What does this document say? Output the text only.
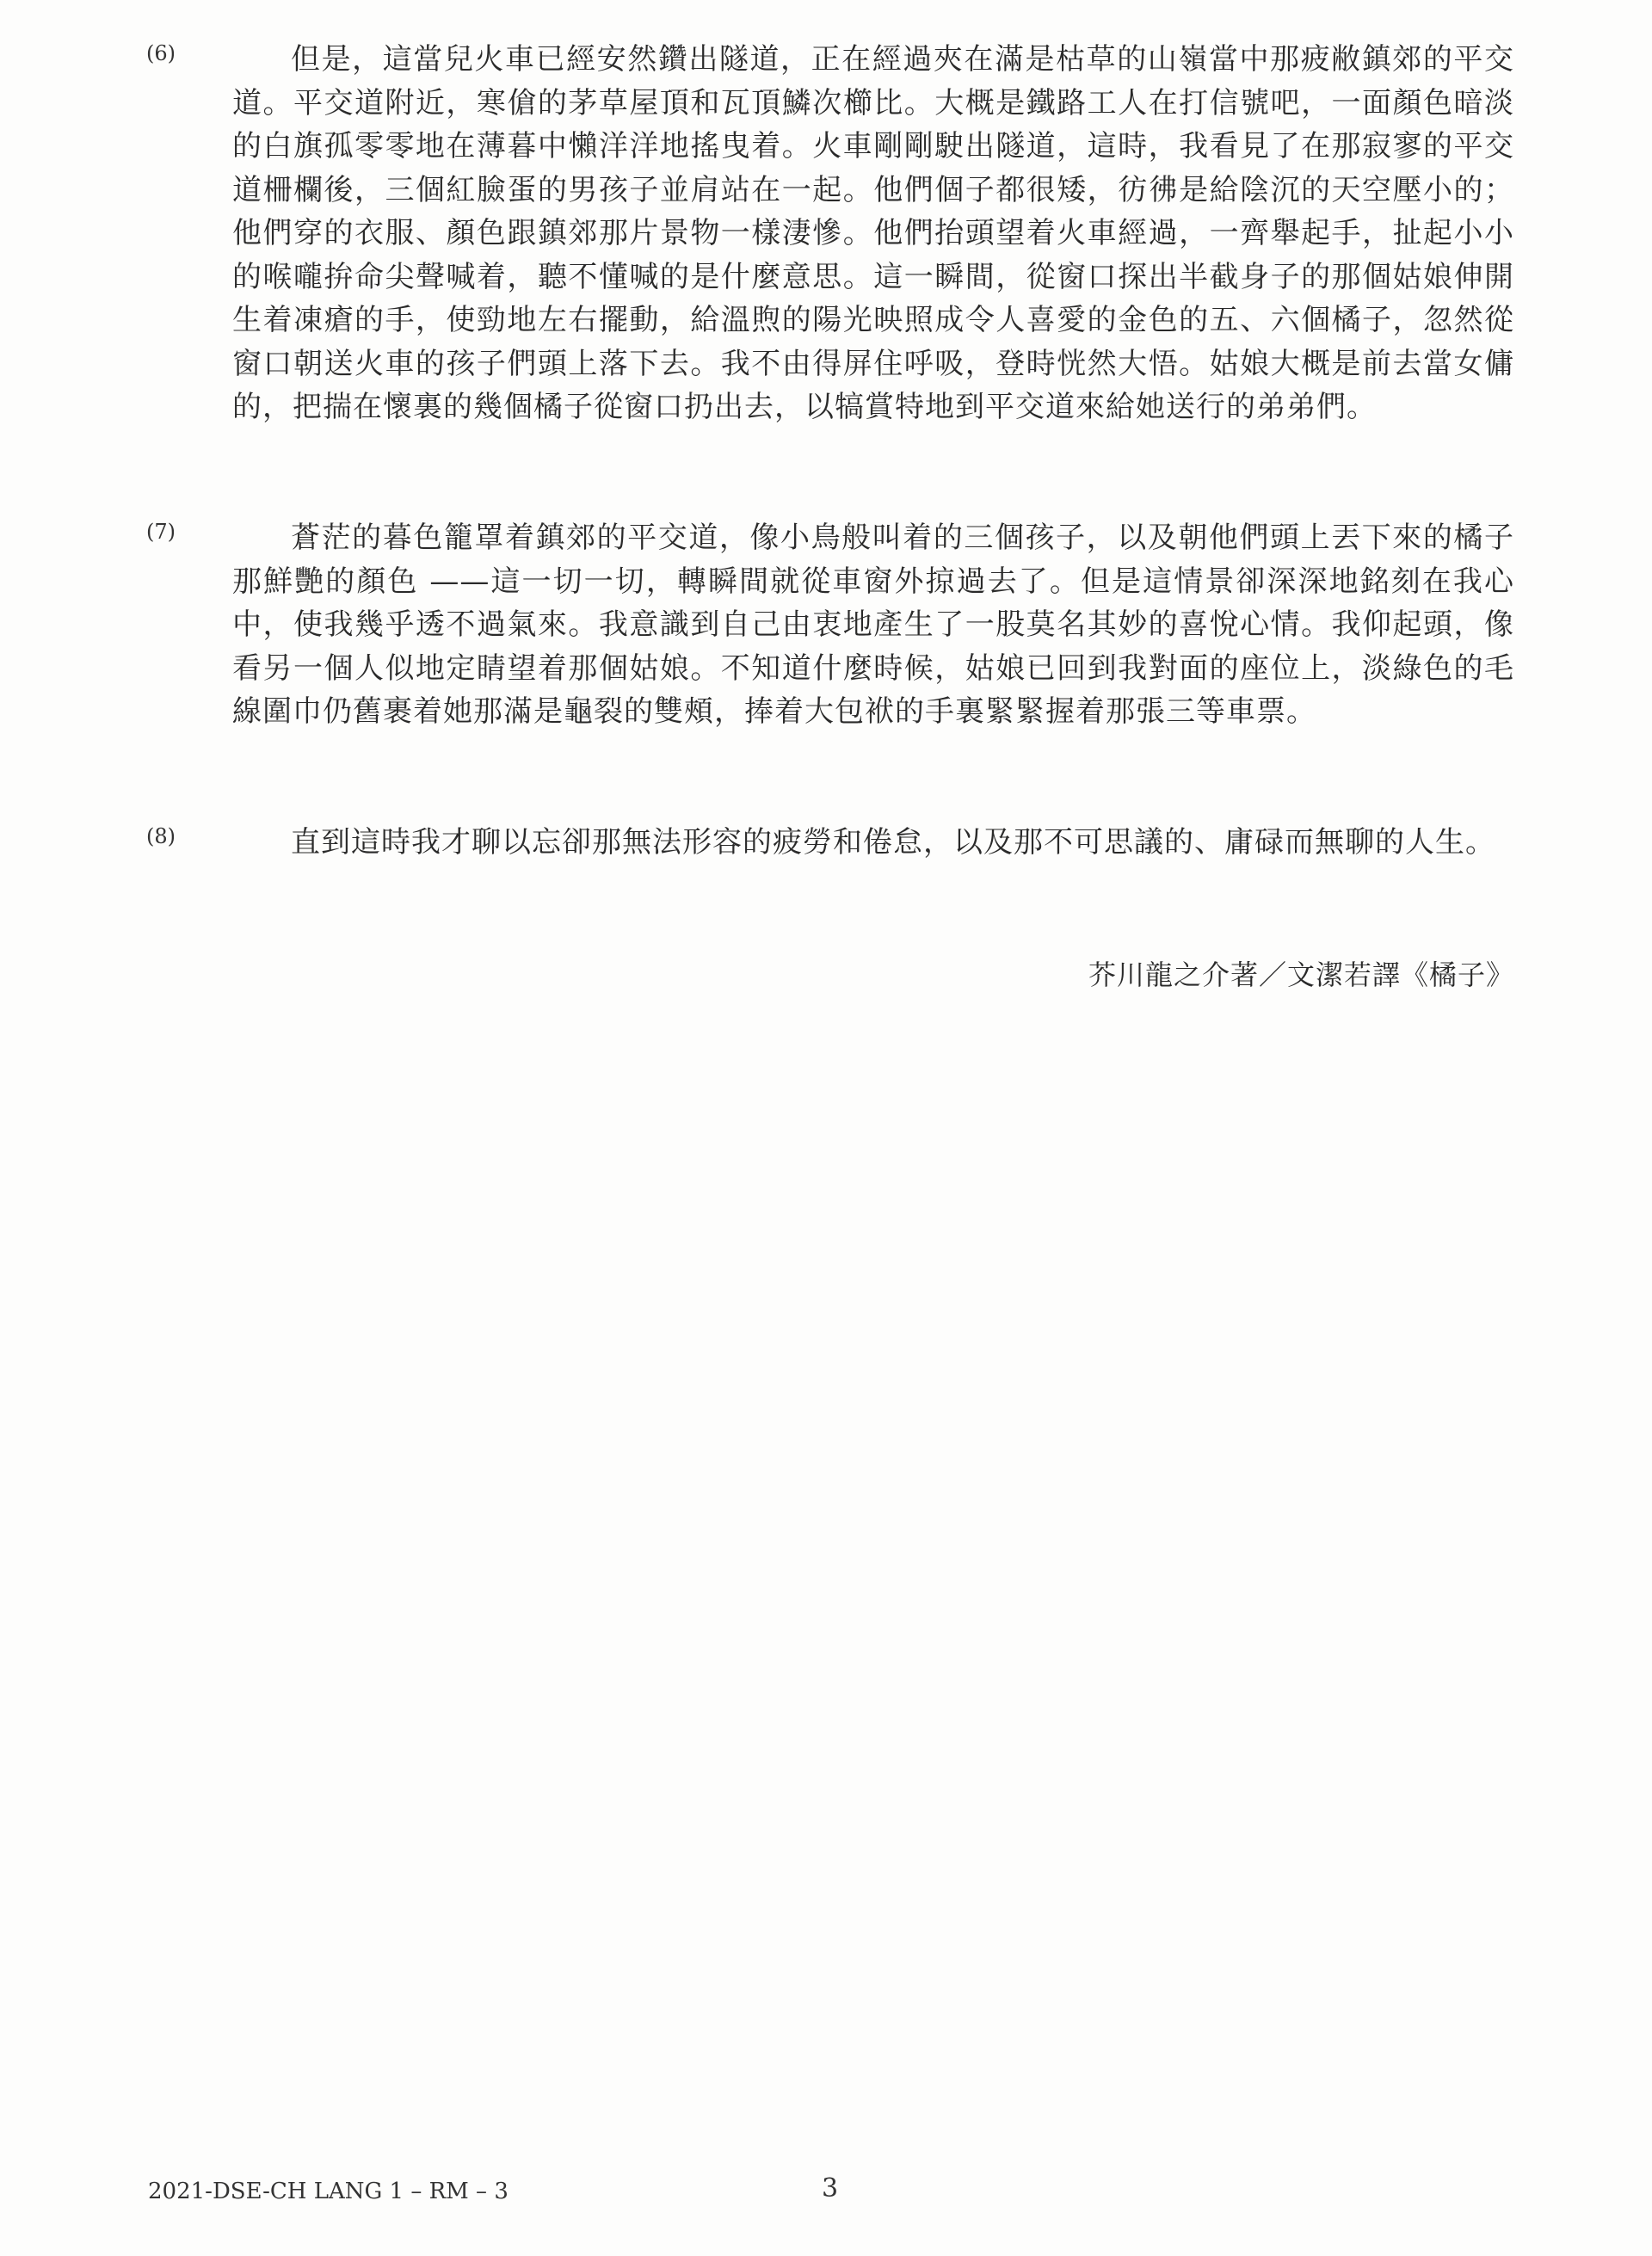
(6)	但是，這當兒火車已經安然鑽出隧道，正在經過夾在滿是枯草的山嶺當中那疲敝鎮郊的平交道。平交道附近，寒傖的茅草屋頂和瓦頂鱗次櫛比。大概是鐵路工人在打信號吧，一面顏色暗淡的白旗孤零零地在薄暮中懶洋洋地搖曳着。火車剛剛駛出隧道，這時，我看見了在那寂寥的平交道柵欄後，三個紅臉蛋的男孩子並肩站在一起。他們個子都很矮，彷彿是給陰沉的天空壓小的；他們穿的衣服、顏色跟鎮郊那片景物一樣淒慘。他們抬頭望着火車經過，一齊舉起手，扯起小小的喉嚨拚命尖聲喊着，聽不懂喊的是什麼意思。這一瞬間，從窗口探出半截身子的那個姑娘伸開生着凍瘡的手，使勁地左右擺動，給溫煦的陽光映照成令人喜愛的金色的五、六個橘子，忽然從窗口朝送火車的孩子們頭上落下去。我不由得屏住呼吸，登時恍然大悟。姑娘大概是前去當女傭的，把揣在懷裏的幾個橘子從窗口扔出去，以犒賞特地到平交道來給她送行的弟弟們。
(7)	蒼茫的暮色籠罩着鎮郊的平交道，像小鳥般叫着的三個孩子，以及朝他們頭上丟下來的橘子那鮮艷的顏色 ——這一切一切，轉瞬間就從車窗外掠過去了。但是這情景卻深深地銘刻在我心中，使我幾乎透不過氣來。我意識到自己由衷地產生了一股莫名其妙的喜悅心情。我仰起頭，像看另一個人似地定睛望着那個姑娘。不知道什麼時候，姑娘已回到我對面的座位上，淡綠色的毛線圍巾仍舊裹着她那滿是龜裂的雙頰，捧着大包袱的手裏緊緊握着那張三等車票。
(8)	直到這時我才聊以忘卻那無法形容的疲勞和倦怠，以及那不可思議的、庸碌而無聊的人生。
芥川龍之介著／文潔若譯《橘子》
2021-DSE-CH LANG 1 – RM – 3	3
